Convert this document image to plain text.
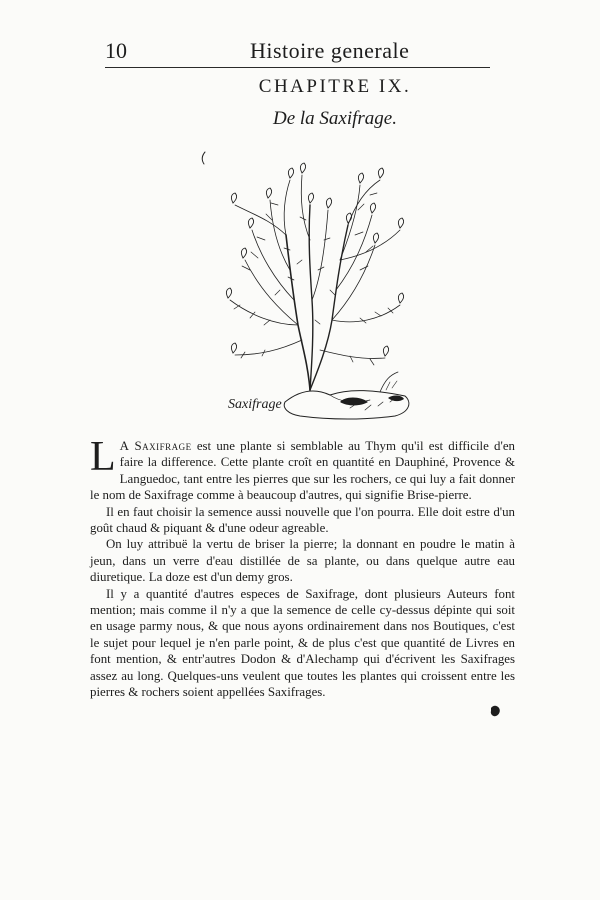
10	Histoire generale
CHAPITRE IX.
De la Saxifrage.
Saxifrage

L A Saxifrage est une plante si semblable au Thym qu'il est difficile d'en faire la difference. Cette plante croît en quantité en Dauphiné, Provence & Languedoc, tant entre les pierres que sur les rochers, ce qui luy a fait donner le nom de Saxifrage comme à beaucoup d'autres, qui signifie Brise-pierre.

Il en faut choisir la semence aussi nouvelle que l'on pourra. Elle doit estre d'un goût chaud & piquant & d'une odeur agreable.

On luy attribuë la vertu de briser la pierre; la donnant en poudre le matin à jeun, dans un verre d'eau distillée de sa plante, ou dans quelque autre eau diuretique. La doze est d'un demy gros.

Il y a quantité d'autres especes de Saxifrage, dont plusieurs Auteurs font mention; mais comme il n'y a que la semence de celle cy-dessus dépinte qui soit en usage parmy nous, & que nous ayons ordinairement dans nos Boutiques, c'est le sujet pour lequel je n'en parle point, & de plus c'est que quantité de Livres en font mention, & entr'autres Dodon & d'Alechamp qui d'écrivent les Saxifrages assez au long. Quelques-uns veulent que toutes les plantes qui croissent entre les pierres & rochers soient appellées Saxifrages.
